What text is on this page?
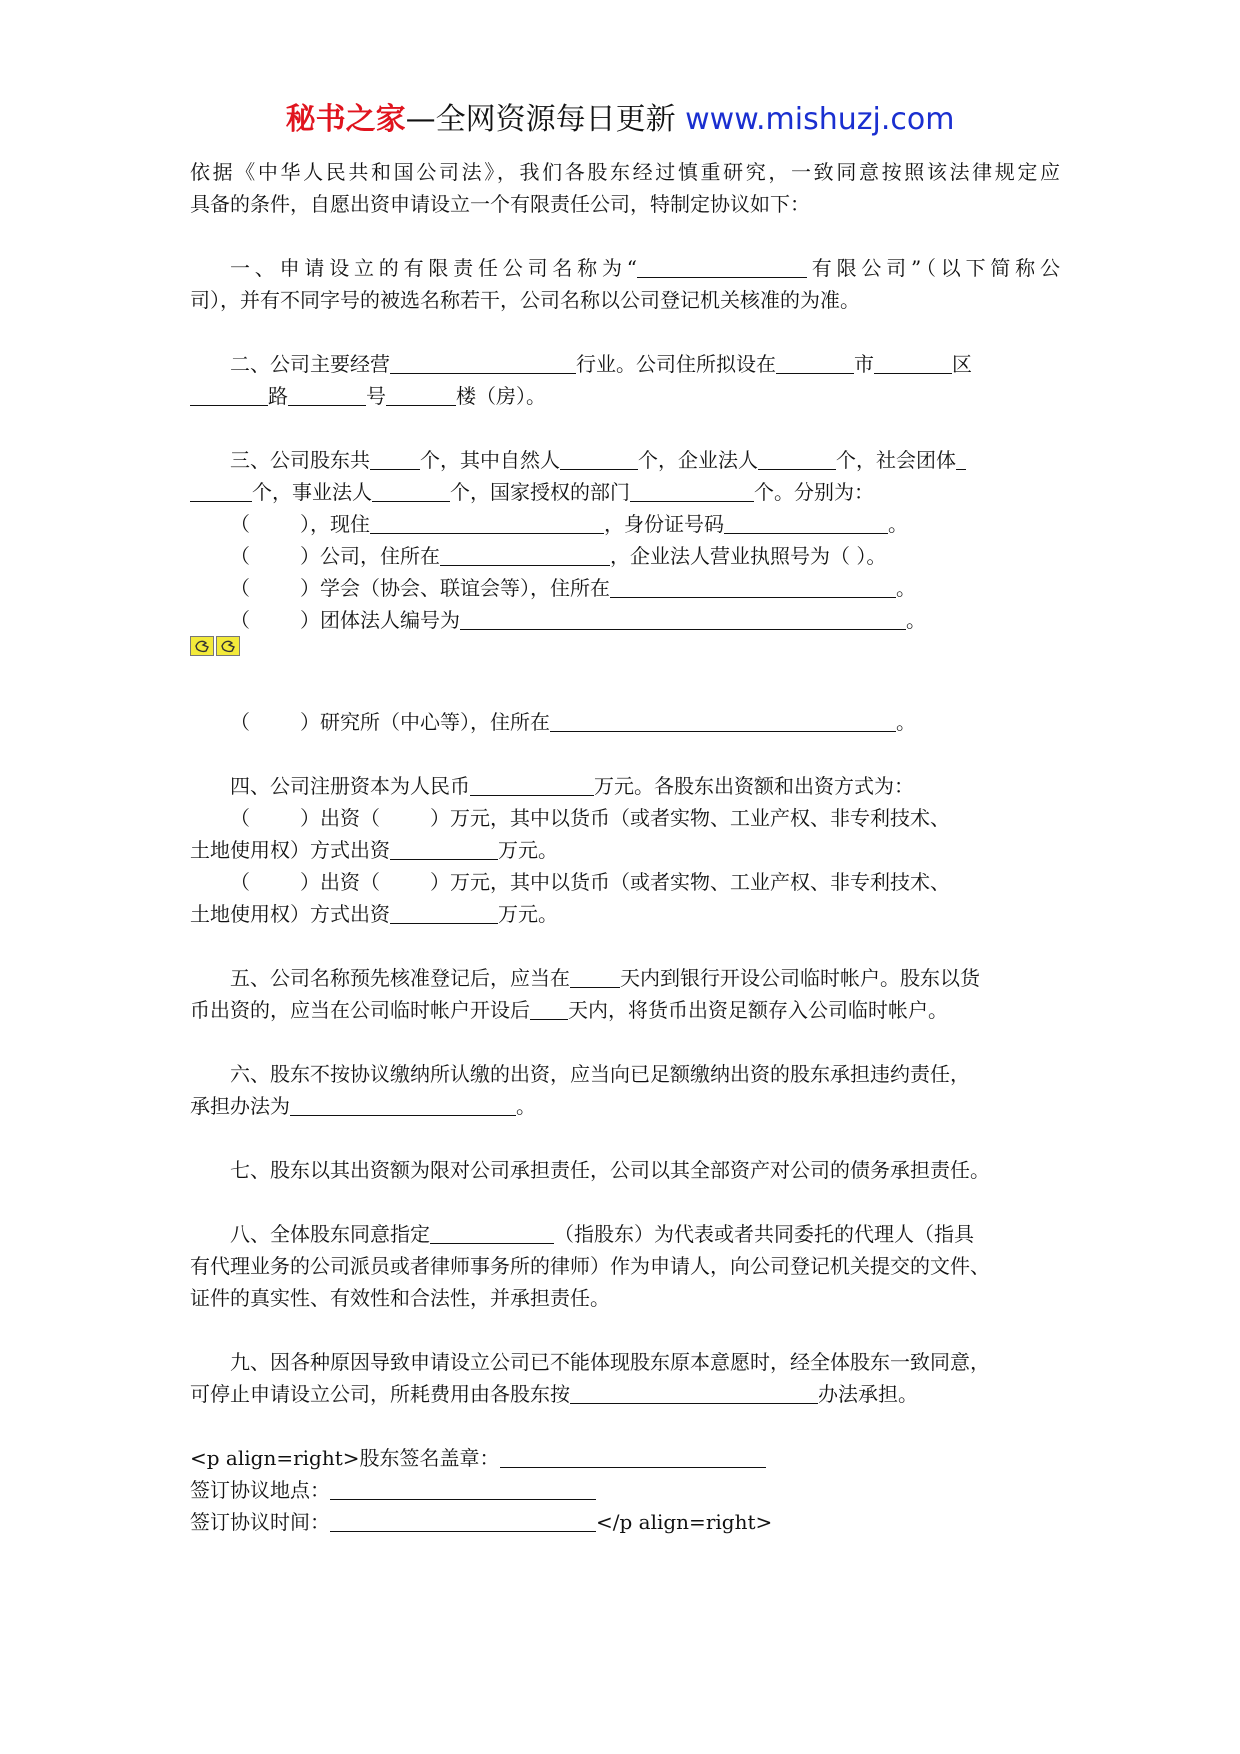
秘书之家—全网资源每日更新 www.mishuzj.com
依据《中华人民共和国公司法》，我们各股东经过慎重研究，一致同意按照该法律规定应
具备的条件，自愿出资申请设立一个有限责任公司，特制定协议如下：
一、申请设立的有限责任公司名称为“	有限公司”（以下简称公
司），并有不同字号的被选名称若干，公司名称以公司登记机关核准的为准。
二、公司主要经营	行业。公司住所拟设在	市	区
路	号	楼（房）。
三、公司股东共	个，其中自然人	个，企业法人	个，社会团体
个，事业法人	个，国家授权的部门	个。分别为：
（	），现住	，身份证号码	。
（	）公司，住所在	，企业法人营业执照号为（ ）。
（	）学会（协会、联谊会等），住所在	。
（	）团体法人编号为	。
（	）研究所（中心等），住所在	。
四、公司注册资本为人民币	万元。各股东出资额和出资方式为：
（	）出资（	）万元，其中以货币（或者实物、工业产权、非专利技术、
土地使用权）方式出资	万元。
（	）出资（	）万元，其中以货币（或者实物、工业产权、非专利技术、
土地使用权）方式出资	万元。
五、公司名称预先核准登记后，应当在	天内到银行开设公司临时帐户。股东以货
币出资的，应当在公司临时帐户开设后 天内，将货币出资足额存入公司临时帐户。
六、股东不按协议缴纳所认缴的出资，应当向已足额缴纳出资的股东承担违约责任，
承担办法为	。
七、股东以其出资额为限对公司承担责任，公司以其全部资产对公司的债务承担责任。
八、全体股东同意指定	（指股东）为代表或者共同委托的代理人（指具
有代理业务的公司派员或者律师事务所的律师）作为申请人，向公司登记机关提交的文件、
证件的真实性、有效性和合法性，并承担责任。
九、因各种原因导致申请设立公司已不能体现股东原本意愿时，经全体股东一致同意，
可停止申请设立公司，所耗费用由各股东按	办法承担。
<p align=right>股东签名盖章：
签订协议地点：
签订协议时间：	</p align=right>
